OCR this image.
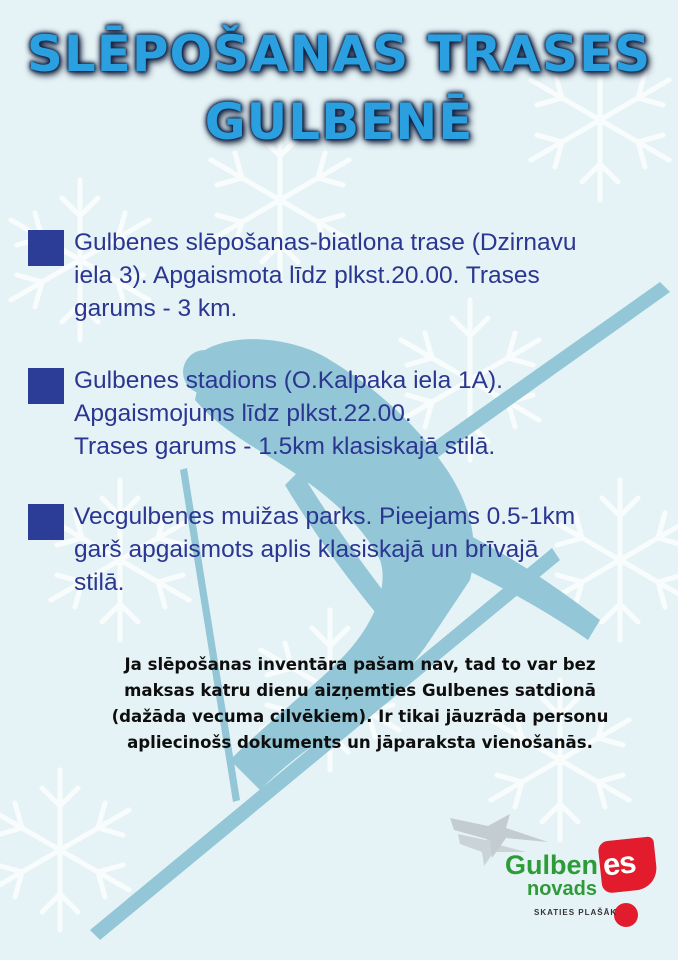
SLĒPOŠANAS TRASES
GULBENĒ
Gulbenes slēpošanas-biatlona trase (Dzirnavu
iela 3). Apgaismota līdz plkst.20.00. Trases
garums - 3 km.
Gulbenes stadions (O.Kalpaka iela 1A).
Apgaismojums līdz plkst.22.00.
Trases garums - 1.5km klasiskajā stilā.
Vecgulbenes muižas parks. Pieejams 0.5-1km
garš apgaismots aplis klasiskajā un brīvajā
stilā.
Ja slēpošanas inventāra pašam nav, tad to var bez
maksas katru dienu aizņemties Gulbenes satdionā
(dažāda vecuma cilvēkiem). Ir tikai jāuzrāda personu
apliecinošs dokuments un jāparaksta vienošanās.
Gulben es
novads
SKATIES PLAŠĀK
